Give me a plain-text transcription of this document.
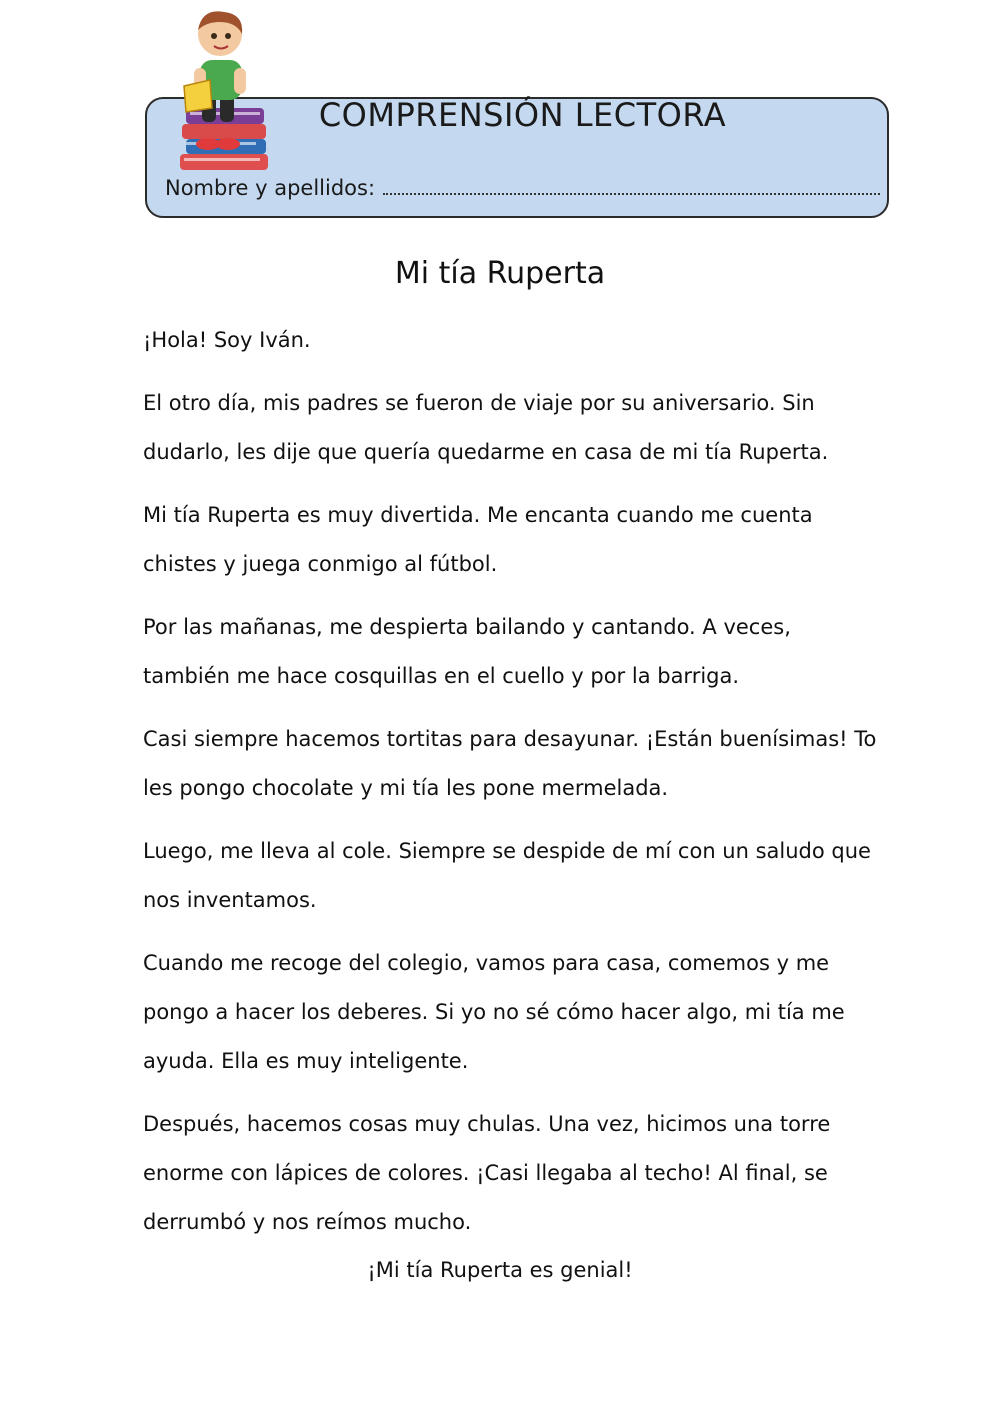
COMPRENSIÓN LECTORA
Nombre y apellidos:
Mi tía Ruperta

¡Hola! Soy Iván.

El otro día, mis padres se fueron de viaje por su aniversario. Sin dudarlo, les dije que quería quedarme en casa de mi tía Ruperta.

Mi tía Ruperta es muy divertida. Me encanta cuando me cuenta chistes y juega conmigo al fútbol.

Por las mañanas, me despierta bailando y cantando. A veces, también me hace cosquillas en el cuello y por la barriga.

Casi siempre hacemos tortitas para desayunar. ¡Están buenísimas! To les pongo chocolate y mi tía les pone mermelada.

Luego, me lleva al cole. Siempre se despide de mí con un saludo que nos inventamos.

Cuando me recoge del colegio, vamos para casa, comemos y me pongo a hacer los deberes. Si yo no sé cómo hacer algo, mi tía me ayuda. Ella es muy inteligente.

Después, hacemos cosas muy chulas. Una vez, hicimos una torre enorme con lápices de colores. ¡Casi llegaba al techo! Al final, se derrumbó y nos reímos mucho.

¡Mi tía Ruperta es genial!
